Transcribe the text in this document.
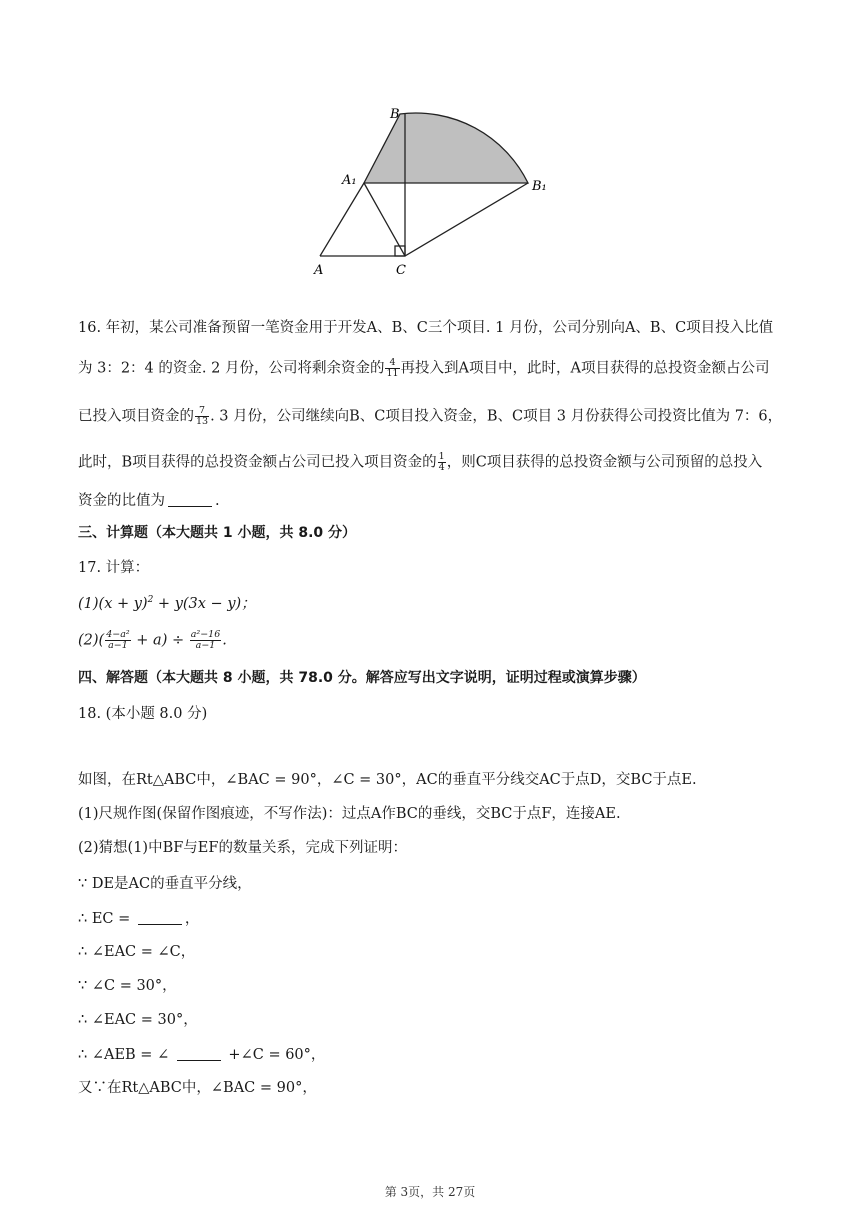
B
A₁	B₁
A	C
16. 年初，某公司准备预留一笔资金用于开发A、B、C三个项目. 1 月份，公司分别向A、B、C项目投入比值
为 3：2：4 的资金. 2 月份，公司将剩余资金的 $\frac{4}{11}$ 再投入到A项目中，此时，A项目获得的总投资金额占公司
已投入项目资金的 $\frac{7}{13}$ . 3 月份，公司继续向B、C项目投入资金，B、C项目 3 月份获得公司投资比值为 7：6，
此时，B项目获得的总投资金额占公司已投入项目资金的 $\frac{1}{4}$ ，则C项目获得的总投资金额与公司预留的总投入
资金的比值为	.
三、计算题（本大题共 1 小题，共 8.0 分）
17. 计算：
$(1)(x + y)^2 + y(3x - y)$；
$(2)( \frac{\text{4−a²}}{a-1} + a) \div \frac{\text{a²−16}}{a-1}$ .
四、解答题（本大题共 8 小题，共 78.0 分。解答应写出文字说明，证明过程或演算步骤）
18. (本小题 8.0 分)
如图，在Rt△ABC中，∠BAC = 90°，∠C = 30°，AC的垂直平分线交AC于点D，交BC于点E.
(1)尺规作图(保留作图痕迹，不写作法)：过点A作BC的垂线，交BC于点F，连接AE.
(2)猜想(1)中BF与EF的数量关系，完成下列证明：
∵ DE是AC的垂直平分线，
∴ EC =	，
∴ ∠EAC = ∠C，
∵ ∠C = 30°，
∴ ∠EAC = 30°，
∴ ∠AEB = ∠	+∠C = 60°，
又∵在Rt△ABC中，∠BAC = 90°，
第 3页，共 27页
